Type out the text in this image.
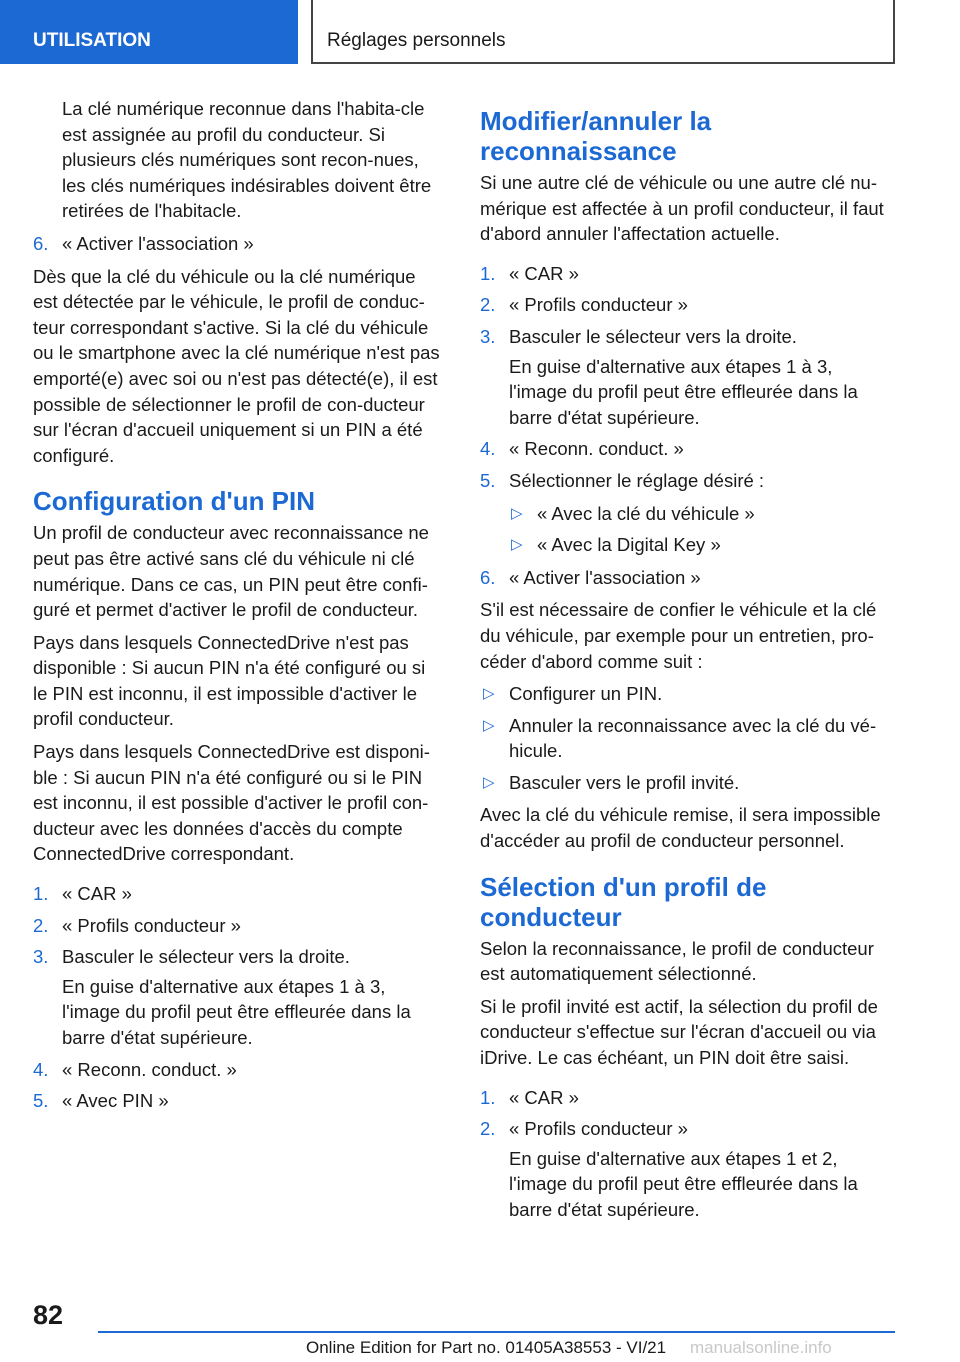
UTILISATION	Réglages personnels

La clé numérique reconnue dans l'habita-cle est assignée au profil du conducteur. Si plusieurs clés numériques sont recon-nues, les clés numériques indésirables doivent être retirées de l'habitacle.

6. « Activer l'association »

Dès que la clé du véhicule ou la clé numérique est détectée par le véhicule, le profil de conduc-teur correspondant s'active. Si la clé du véhicule ou le smartphone avec la clé numérique n'est pas emporté(e) avec soi ou n'est pas détecté(e), il est possible de sélectionner le profil de con-ducteur sur l'écran d'accueil uniquement si un PIN a été configuré.

Configuration d'un PIN

Un profil de conducteur avec reconnaissance ne peut pas être activé sans clé du véhicule ni clé numérique. Dans ce cas, un PIN peut être confi-guré et permet d'activer le profil de conducteur.

Pays dans lesquels ConnectedDrive n'est pas disponible : Si aucun PIN n'a été configuré ou si le PIN est inconnu, il est impossible d'activer le profil conducteur.

Pays dans lesquels ConnectedDrive est disponi-ble : Si aucun PIN n'a été configuré ou si le PIN est inconnu, il est possible d'activer le profil con-ducteur avec les données d'accès du compte ConnectedDrive correspondant.

1. « CAR »
2. « Profils conducteur »
3. Basculer le sélecteur vers la droite.
En guise d'alternative aux étapes 1 à 3, l'image du profil peut être effleurée dans la barre d'état supérieure.
4. « Reconn. conduct. »
5. « Avec PIN »
Modifier/annuler la reconnaissance

Si une autre clé de véhicule ou une autre clé nu-mérique est affectée à un profil conducteur, il faut d'abord annuler l'affectation actuelle.

1. « CAR »
2. « Profils conducteur »
3. Basculer le sélecteur vers la droite.
En guise d'alternative aux étapes 1 à 3, l'image du profil peut être effleurée dans la barre d'état supérieure.
4. « Reconn. conduct. »
5. Sélectionner le réglage désiré :
▷ « Avec la clé du véhicule »
▷ « Avec la Digital Key »
6. « Activer l'association »

S'il est nécessaire de confier le véhicule et la clé du véhicule, par exemple pour un entretien, pro-céder d'abord comme suit :

▷ Configurer un PIN.
▷ Annuler la reconnaissance avec la clé du vé-hicule.
▷ Basculer vers le profil invité.

Avec la clé du véhicule remise, il sera impossible d'accéder au profil de conducteur personnel.

Sélection d'un profil de conducteur

Selon la reconnaissance, le profil de conducteur est automatiquement sélectionné.

Si le profil invité est actif, la sélection du profil de conducteur s'effectue sur l'écran d'accueil ou via iDrive. Le cas échéant, un PIN doit être saisi.

1. « CAR »
2. « Profils conducteur »
En guise d'alternative aux étapes 1 et 2, l'image du profil peut être effleurée dans la barre d'état supérieure.
82
Online Edition for Part no. 01405A38553 - VI/21 manualsonline.info
